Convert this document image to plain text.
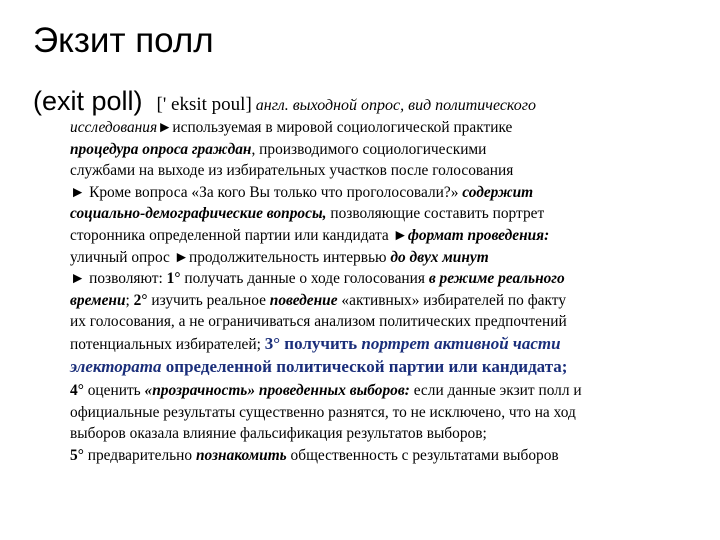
Экзит полл
(exit poll) [' eksit poul] англ. выходной опрос, вид политического
исследования►используемая в мировой социологической практике
процедура опроса граждан, производимого социологическими
службами на выходе из избирательных участков после голосования
► Кроме вопроса «За кого Вы только что проголосовали?» содержит
социально-демографические вопросы, позволяющие составить портрет
сторонника определенной партии или кандидата ►формат проведения:
уличный опрос ►продолжительность интервью до двух минут
► позволяют: 1° получать данные о ходе голосования в режиме реального
времени; 2° изучить реальное поведение «активных» избирателей по факту
их голосования, а не ограничиваться анализом политических предпочтений
потенциальных избирателей; 3° получить портрет активной части
электората определенной политической партии или кандидата;
4° оценить «прозрачность» проведенных выборов: если данные экзит полл и
официальные результаты существенно разнятся, то не исключено, что на ход
выборов оказала влияние фальсификация результатов выборов;
5° предварительно познакомить общественность с результатами выборов
